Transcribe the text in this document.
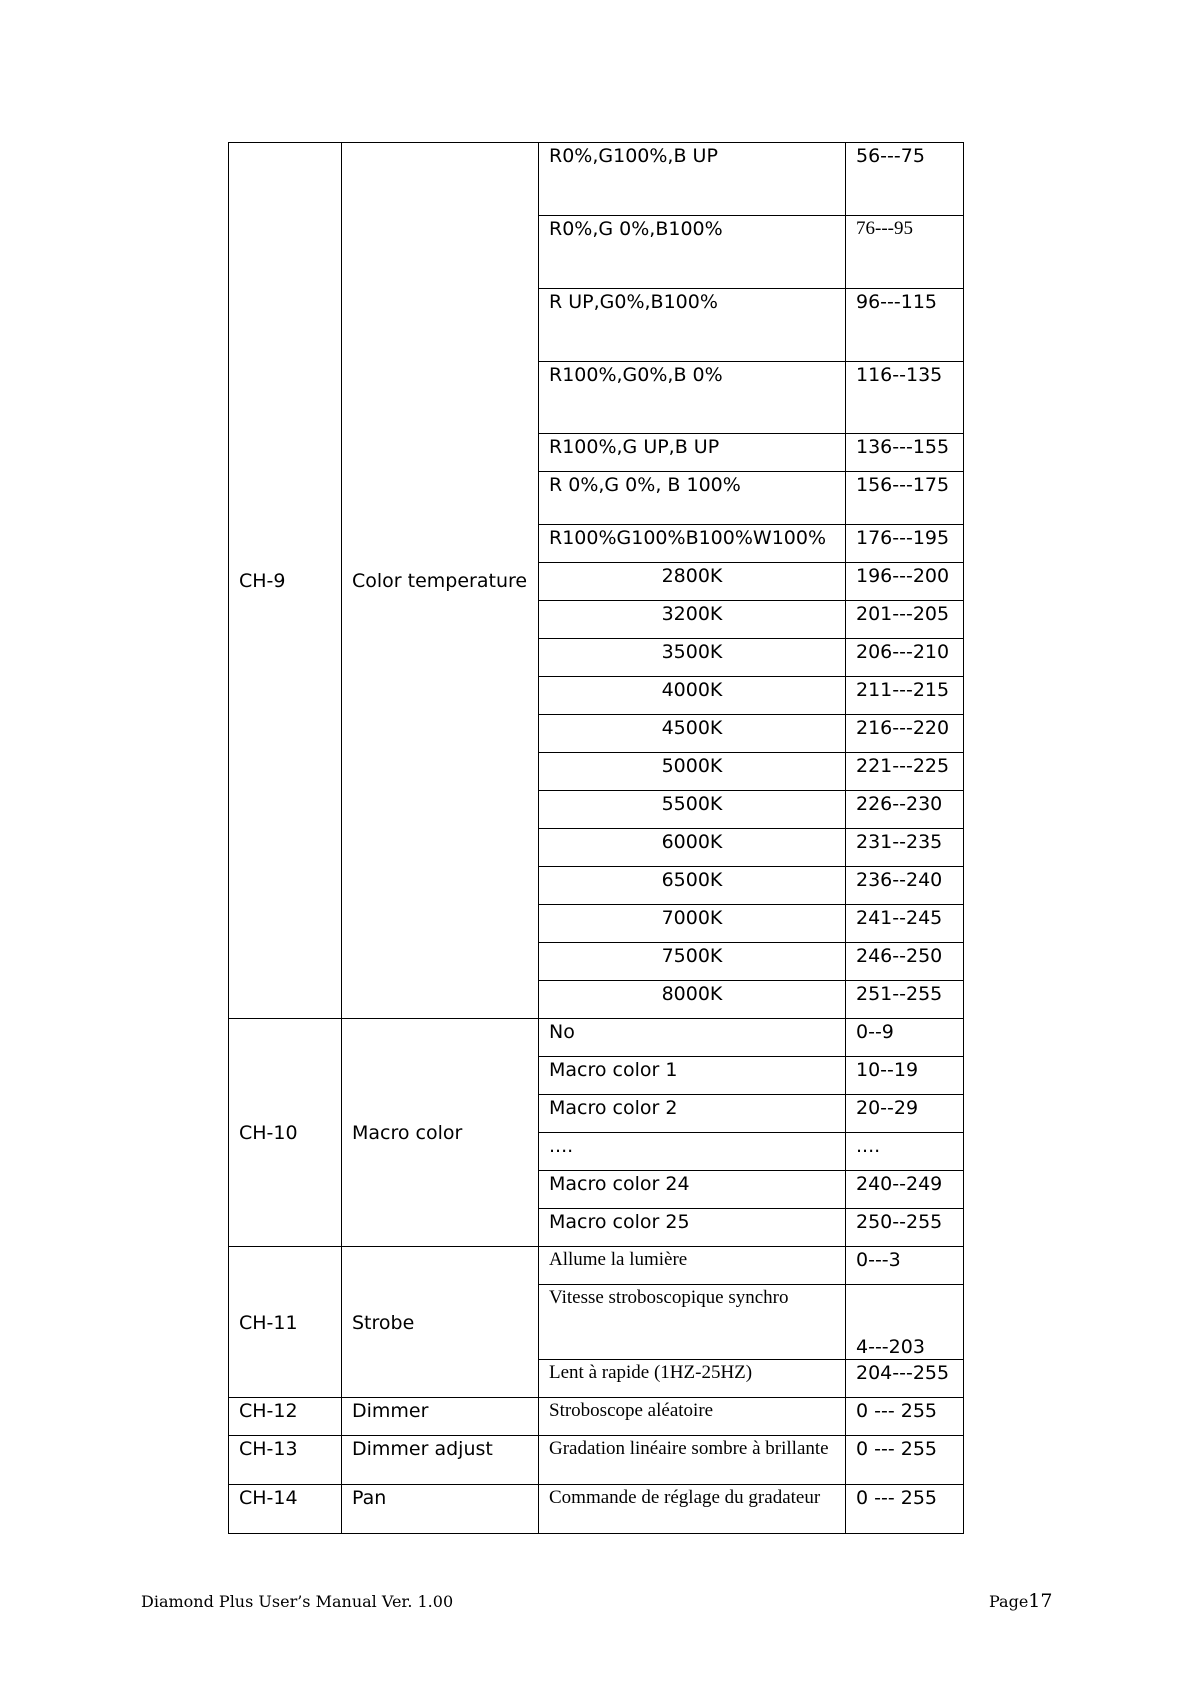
CH-9	Color temperature	R0%,G100%,B UP	56---75
		R0%,G 0%,B100%	76---95
		R UP,G0%,B100%	96---115
		R100%,G0%,B 0%	116--135
		R100%,G UP,B UP	136---155
		R 0%,G 0%, B 100%	156---175
		R100%G100%B100%W100%	176---195
		2800K	196---200
		3200K	201---205
		3500K	206---210
		4000K	211---215
		4500K	216---220
		5000K	221---225
		5500K	226--230
		6000K	231--235
		6500K	236--240
		7000K	241--245
		7500K	246--250
		8000K	251--255
CH-10	Macro color	No	0--9
		Macro color 1	10--19
		Macro color 2	20--29
		....	....
		Macro color 24	240--249
		Macro color 25	250--255
CH-11	Strobe	Allume la lumière	0---3
		Vitesse stroboscopique synchro	4---203
		Lent à rapide (1HZ-25HZ)	204---255
CH-12	Dimmer	Stroboscope aléatoire	0 --- 255
CH-13	Dimmer adjust	Gradation linéaire sombre à brillante	0 --- 255
CH-14	Pan	Commande de réglage du gradateur	0 --- 255
Diamond Plus User’s Manual Ver. 1.00	Page17
